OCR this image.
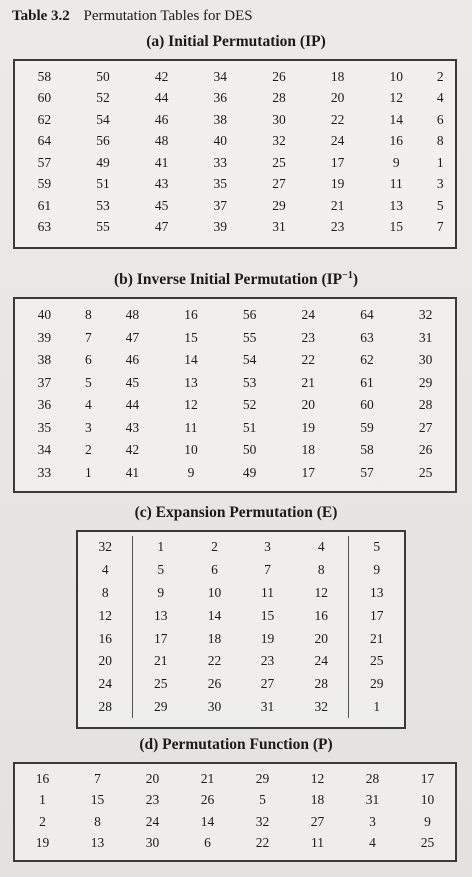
Table 3.2 Permutation Tables for DES
(a) Initial Permutation (IP)
58	50	42	34	26	18	10	2
60	52	44	36	28	20	12	4
62	54	46	38	30	22	14	6
64	56	48	40	32	24	16	8
57	49	41	33	25	17	9	1
59	51	43	35	27	19	11	3
61	53	45	37	29	21	13	5
63	55	47	39	31	23	15	7
(b) Inverse Initial Permutation $(IP^{-1})$
40	8	48	16	56	24	64	32
39	7	47	15	55	23	63	31
38	6	46	14	54	22	62	30
37	5	45	13	53	21	61	29
36	4	44	12	52	20	60	28
35	3	43	11	51	19	59	27
34	2	42	10	50	18	58	26
33	1	41	9	49	17	57	25
(c) Expansion Permutation (E)
32	1	2	3	4	5
4	5	6	7	8	9
8	9	10	11	12	13
12	13	14	15	16	17
16	17	18	19	20	21
20	21	22	23	24	25
24	25	26	27	28	29
28	29	30	31	32	1
(d) Permutation Function (P)
16	7	20	21	29	12	28	17
1	15	23	26	5	18	31	10
2	8	24	14	32	27	3	9
19	13	30	6	22	11	4	25
